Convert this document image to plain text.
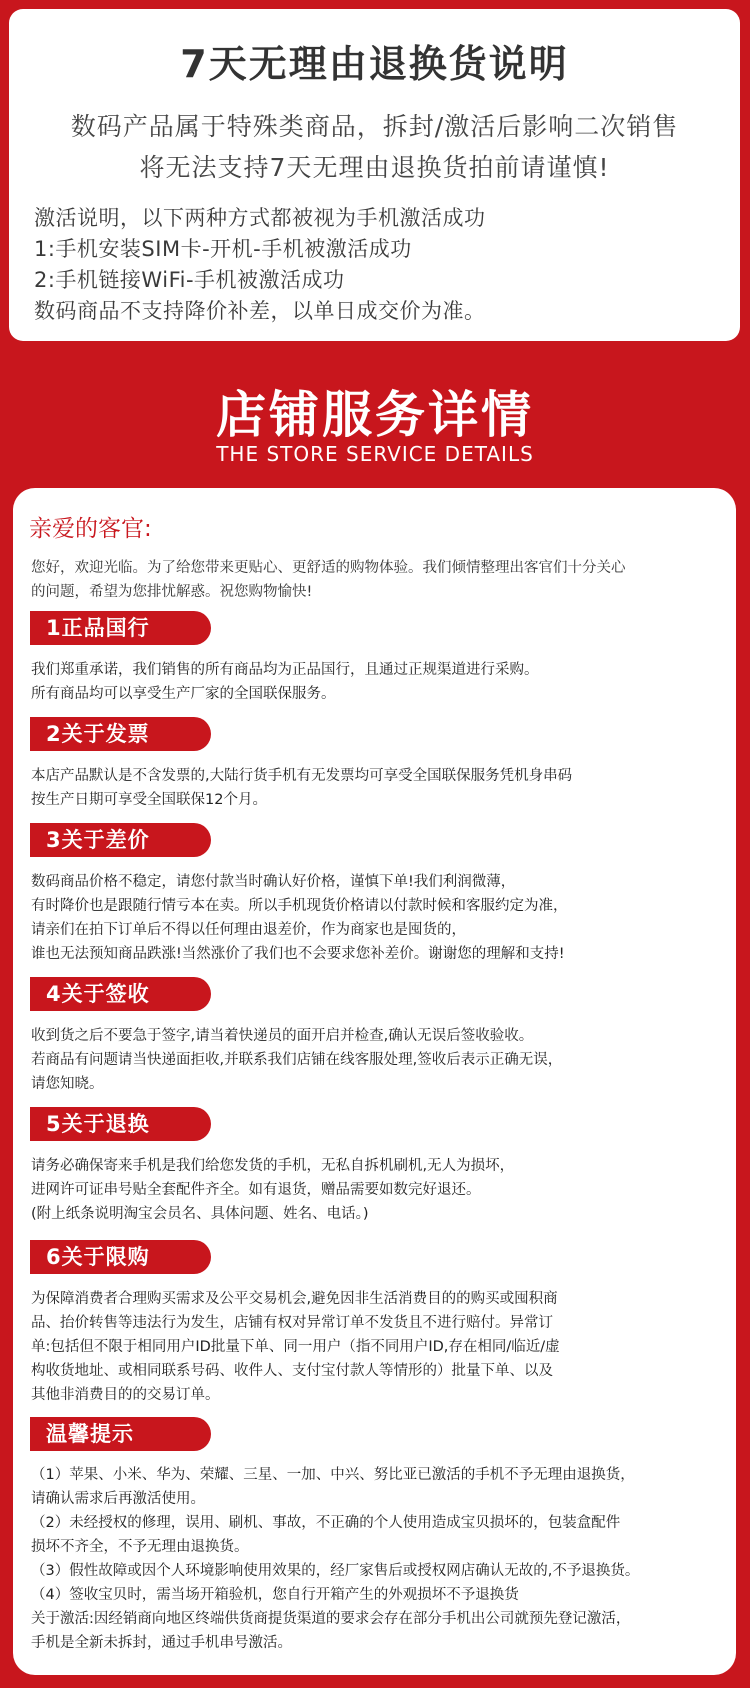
7天无理由退换货说明
数码产品属于特殊类商品，拆封/激活后影响二次销售
将无法支持7天无理由退换货拍前请谨慎!
激活说明，以下两种方式都被视为手机激活成功
1:手机安装SIM卡-开机-手机被激活成功
2:手机链接WiFi-手机被激活成功
数码商品不支持降价补差，以单日成交价为准。
店铺服务详情
THE STORE SERVICE DETAILS
亲爱的客官:
您好，欢迎光临。为了给您带来更贴心、更舒适的购物体验。我们倾情整理出客官们十分关心
的问题，希望为您排忧解惑。祝您购物愉快!
1正品国行
我们郑重承诺，我们销售的所有商品均为正品国行，且通过正规渠道进行采购。
所有商品均可以享受生产厂家的全国联保服务。
2关于发票
本店产品默认是不含发票的,大陆行货手机有无发票均可享受全国联保服务凭机身串码
按生产日期可享受全国联保12个月。
3关于差价
数码商品价格不稳定，请您付款当时确认好价格，谨慎下单!我们利润微薄，
有时降价也是跟随行情亏本在卖。所以手机现货价格请以付款时候和客服约定为准，
请亲们在拍下订单后不得以任何理由退差价，作为商家也是囤货的，
谁也无法预知商品跌涨!当然涨价了我们也不会要求您补差价。谢谢您的理解和支持!
4关于签收
收到货之后不要急于签字,请当着快递员的面开启并检查,确认无误后签收验收。
若商品有问题请当快递面拒收,并联系我们店铺在线客服处理,签收后表示正确无误，
请您知晓。
5关于退换
请务必确保寄来手机是我们给您发货的手机，无私自拆机刷机,无人为损坏，
进网许可证串号贴全套配件齐全。如有退货，赠品需要如数完好退还。
(附上纸条说明淘宝会员名、具体问题、姓名、电话。)
6关于限购
为保障消费者合理购买需求及公平交易机会,避免因非生活消费目的的购买或囤积商
品、抬价转售等违法行为发生，店铺有权对异常订单不发货且不进行赔付。异常订
单:包括但不限于相同用户ID批量下单、同一用户（指不同用户ID,存在相同/临近/虚
构收货地址、或相同联系号码、收件人、支付宝付款人等情形的）批量下单、以及
其他非消费目的的交易订单。
温馨提示
（1）苹果、小米、华为、荣耀、三星、一加、中兴、努比亚已激活的手机不予无理由退换货，
请确认需求后再激活使用。
（2）未经授权的修理，误用、刷机、事故，不正确的个人使用造成宝贝损坏的，包装盒配件
损坏不齐全，不予无理由退换货。
（3）假性故障或因个人环境影响使用效果的，经厂家售后或授权网店确认无故的,不予退换货。
（4）签收宝贝时，需当场开箱验机，您自行开箱产生的外观损坏不予退换货
关于激活:因经销商向地区终端供货商提货渠道的要求会存在部分手机出公司就预先登记激活，
手机是全新未拆封，通过手机串号激活。
